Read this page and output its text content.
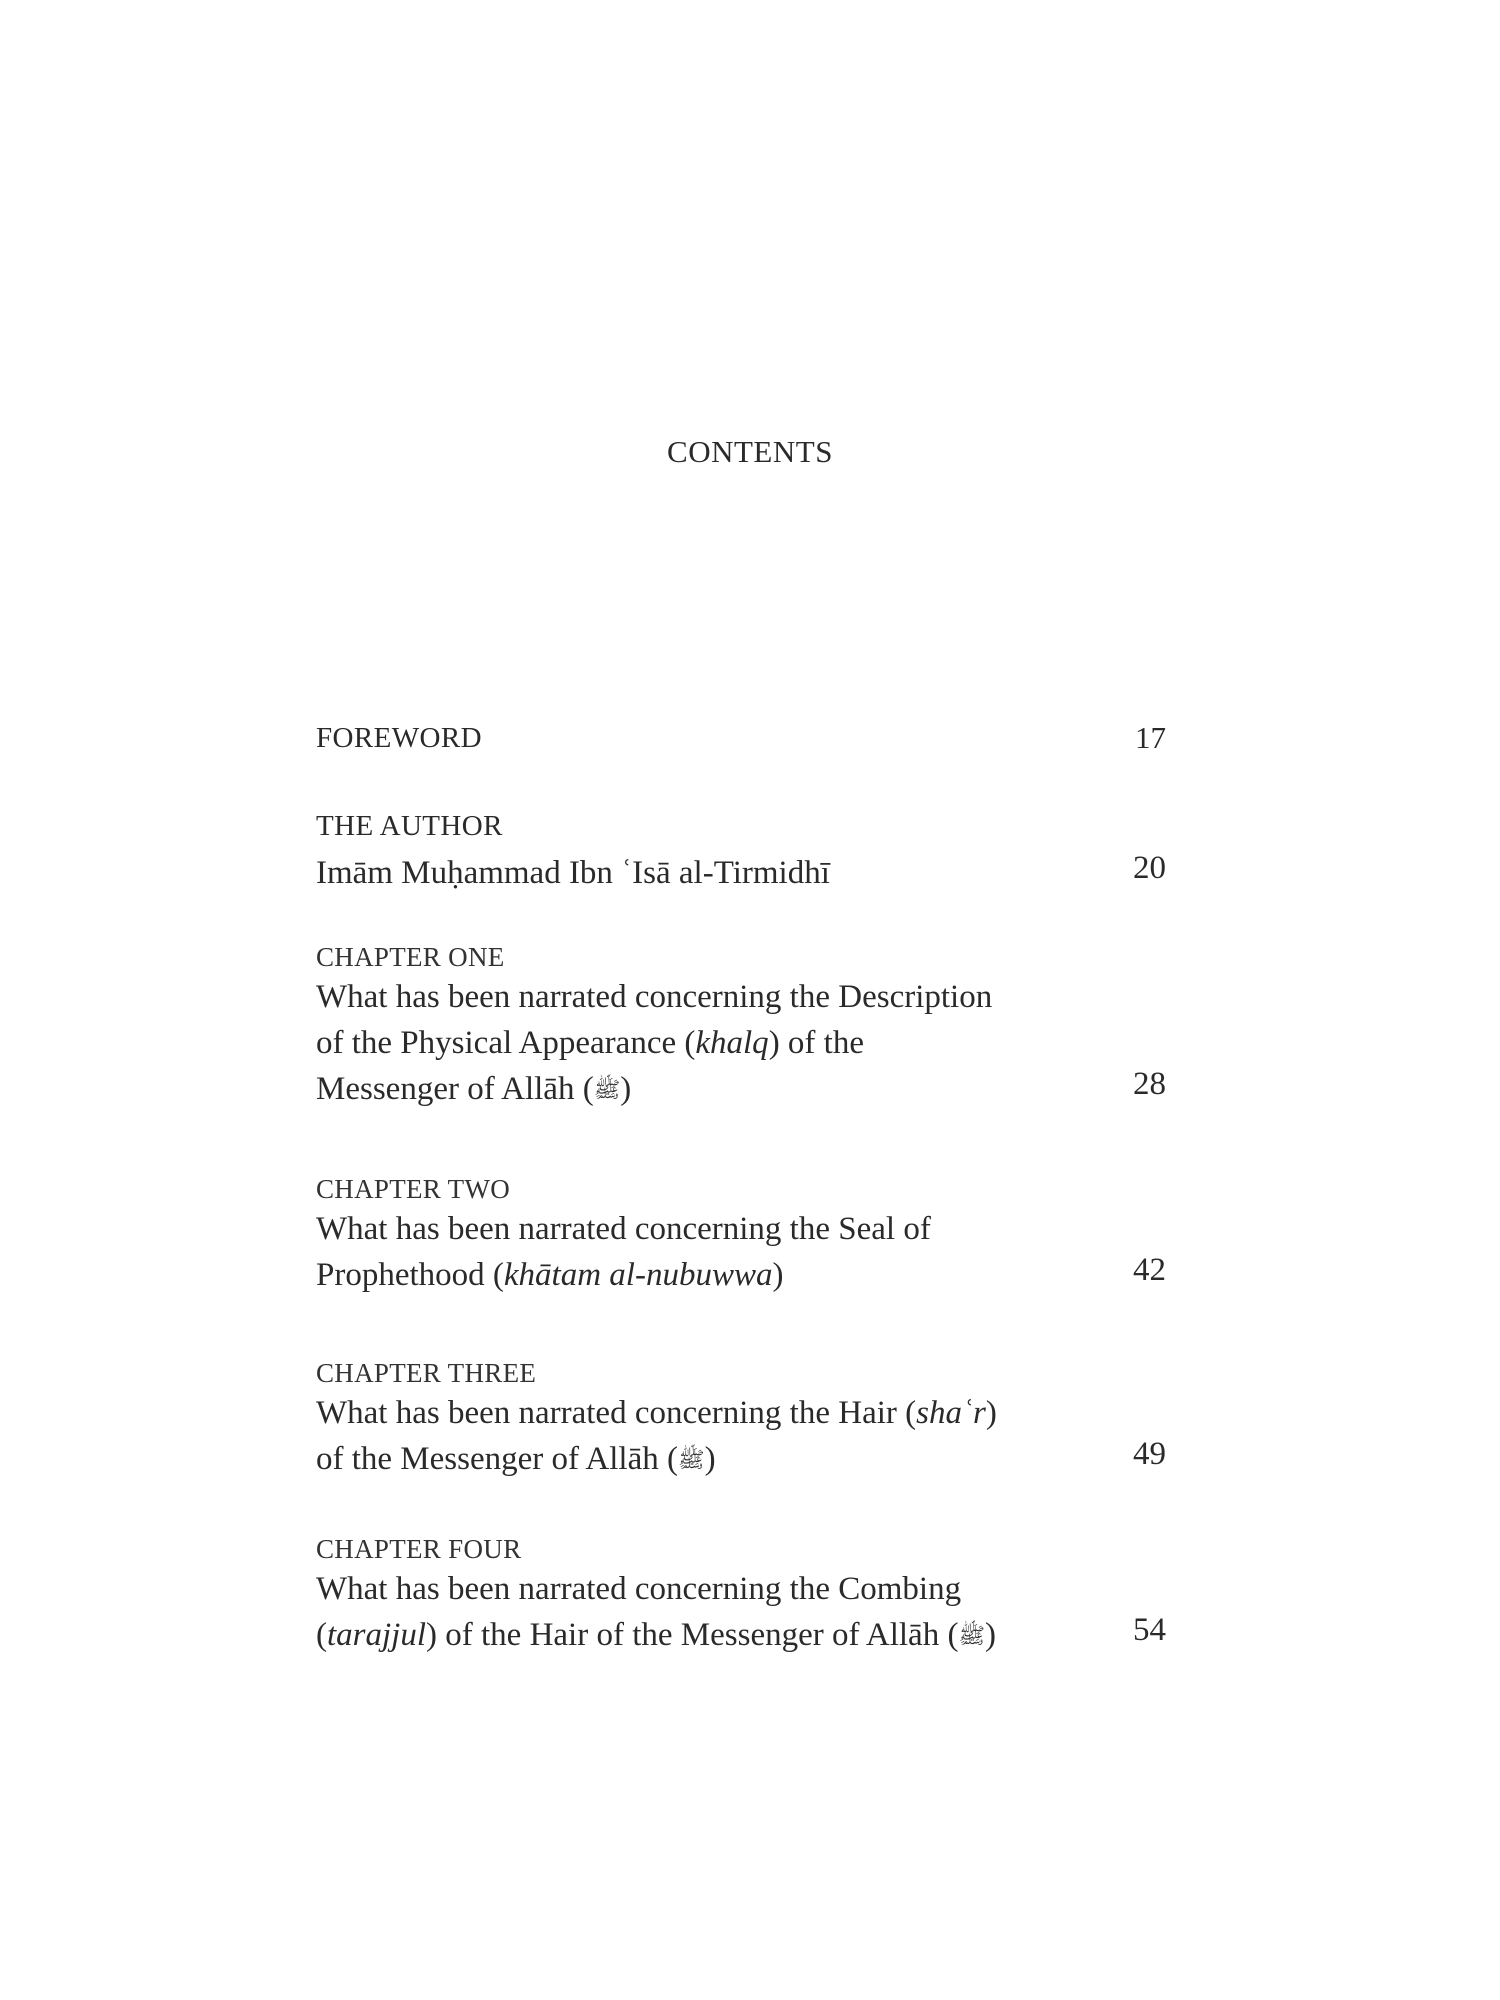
CONTENTS
FOREWORD	17
THE AUTHOR
Imām Muḥammad Ibn ʿIsā al-Tirmidhī	20
CHAPTER ONE
What has been narrated concerning the Description
of the Physical Appearance (khalq) of the
Messenger of Allāh (ﷺ)	28
CHAPTER TWO
What has been narrated concerning the Seal of
Prophethood (khātam al-nubuwwa)	42
CHAPTER THREE
What has been narrated concerning the Hair (shaʿr)
of the Messenger of Allāh (ﷺ)	49
CHAPTER FOUR
What has been narrated concerning the Combing
(tarajjul) of the Hair of the Messenger of Allāh (ﷺ)	54
